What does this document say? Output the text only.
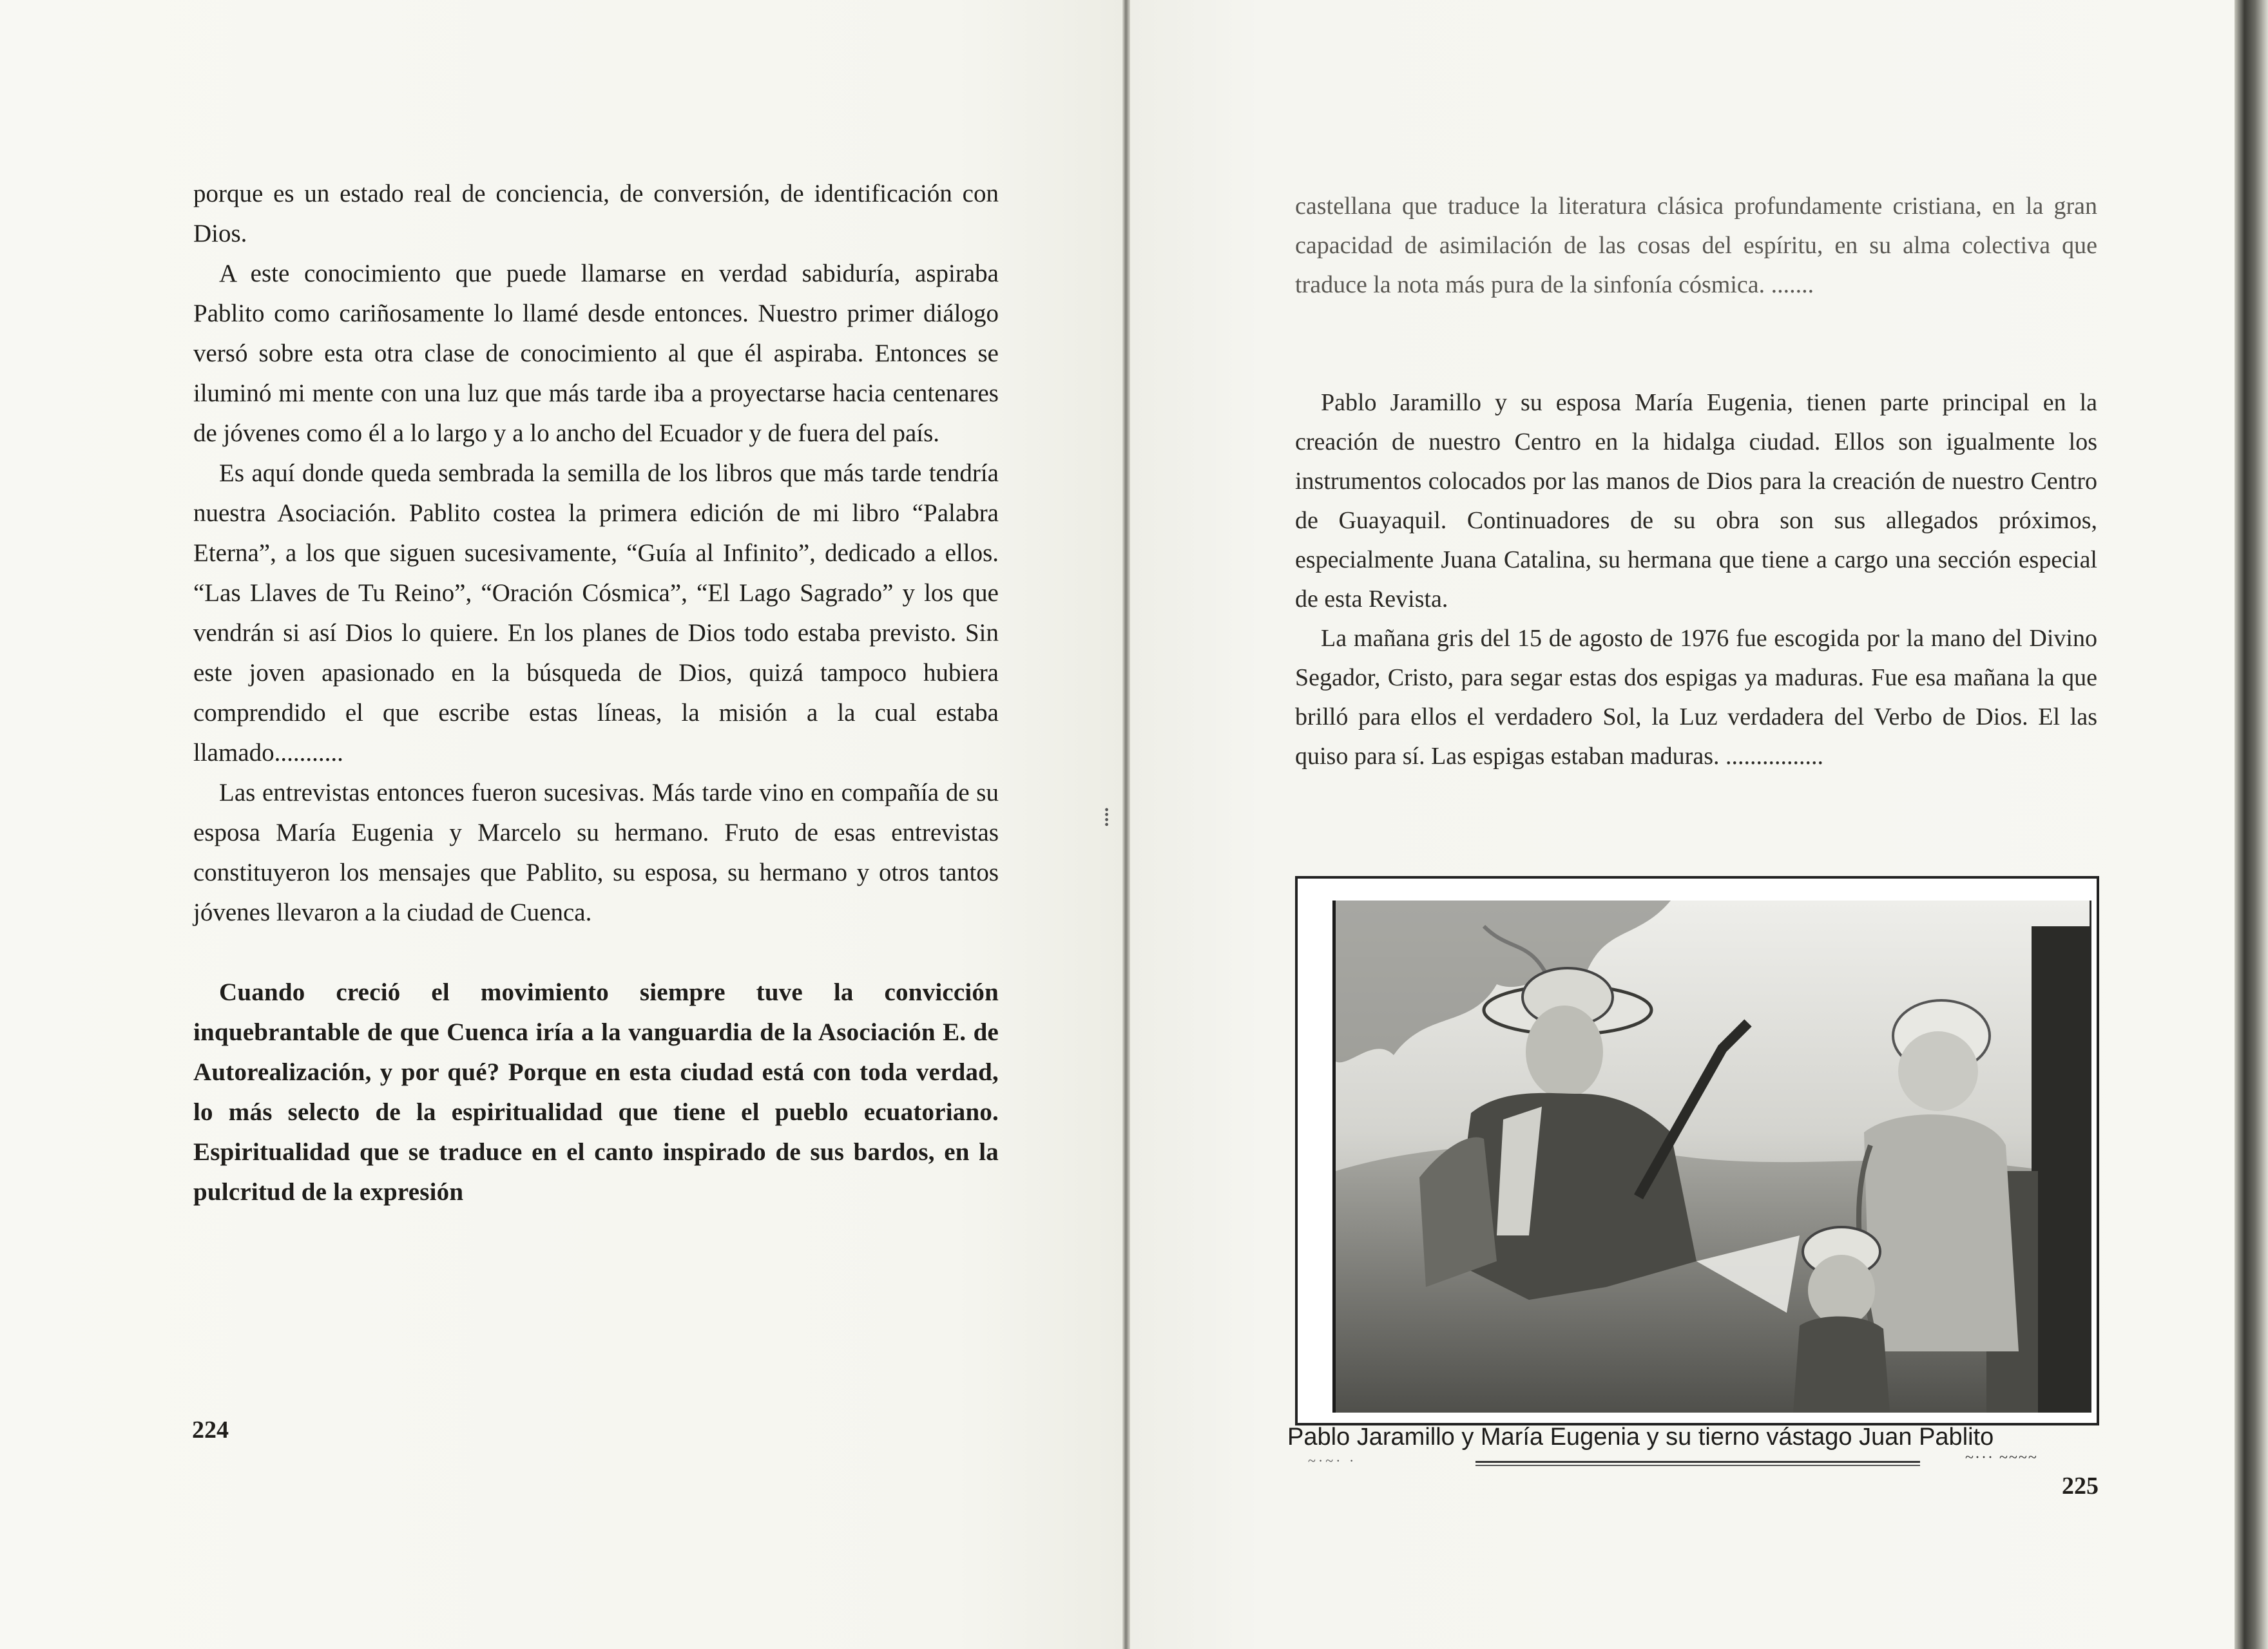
⁞

porque es un estado real de conciencia, de conversión, de identificación con Dios.

A este conocimiento que puede llamarse en verdad sabiduría, aspiraba Pablito como cariñosamente lo llamé desde entonces. Nuestro primer diálogo versó sobre esta otra clase de conocimiento al que él aspiraba. Entonces se iluminó mi mente con una luz que más tarde iba a proyectarse hacia centenares de jóvenes como él a lo largo y a lo ancho del Ecuador y de fuera del país.

Es aquí donde queda sembrada la semilla de los libros que más tarde tendría nuestra Asociación. Pablito costea la primera edición de mi libro “Palabra Eterna”, a los que siguen sucesivamente, “Guía al Infinito”, dedicado a ellos. “Las Llaves de Tu Reino”, “Oración Cósmica”, “El Lago Sagrado” y los que vendrán si así Dios lo quiere. En los planes de Dios todo estaba previsto. Sin este joven apasionado en la búsqueda de Dios, quizá tampoco hubiera comprendido el que escribe estas líneas, la misión a la cual estaba llamado...........

Las entrevistas entonces fueron sucesivas. Más tarde vino en compañía de su esposa María Eugenia y Marcelo su hermano. Fruto de esas entrevistas constituyeron los mensajes que Pablito, su esposa, su hermano y otros tantos jóvenes llevaron a la ciudad de Cuenca.

Cuando creció el movimiento siempre tuve la convicción inquebrantable de que Cuenca iría a la vanguardia de la Asociación E. de Autorealización, y por qué? Porque en esta ciudad está con toda verdad, lo más selecto de la espiritualidad que tiene el pueblo ecuatoriano. Espiritualidad que se traduce en el canto inspirado de sus bardos, en la pulcritud de la expresión

224

castellana que traduce la literatura clásica profundamente cristiana, en la gran capacidad de asimilación de las cosas del espíritu, en su alma colectiva que traduce la nota más pura de la sinfonía cósmica. .......

Pablo Jaramillo y su esposa María Eugenia, tienen parte principal en la creación de nuestro Centro en la hidalga ciudad. Ellos son igualmente los instrumentos colocados por las manos de Dios para la creación de nuestro Centro de Guayaquil. Continuadores de su obra son sus allegados próximos, especialmente Juana Catalina, su hermana que tiene a cargo una sección especial de esta Revista.

La mañana gris del 15 de agosto de 1976 fue escogida por la mano del Divino Segador, Cristo, para segar estas dos espigas ya maduras. Fue esa mañana la que brilló para ellos el verdadero Sol, la Luz verdadera del Verbo de Dios. El las quiso para sí. Las espigas estaban maduras. ................

Pablo Jaramillo y María Eugenia y su tierno vástago Juan Pablito
~·~· ·	~··· ~~~~
225
